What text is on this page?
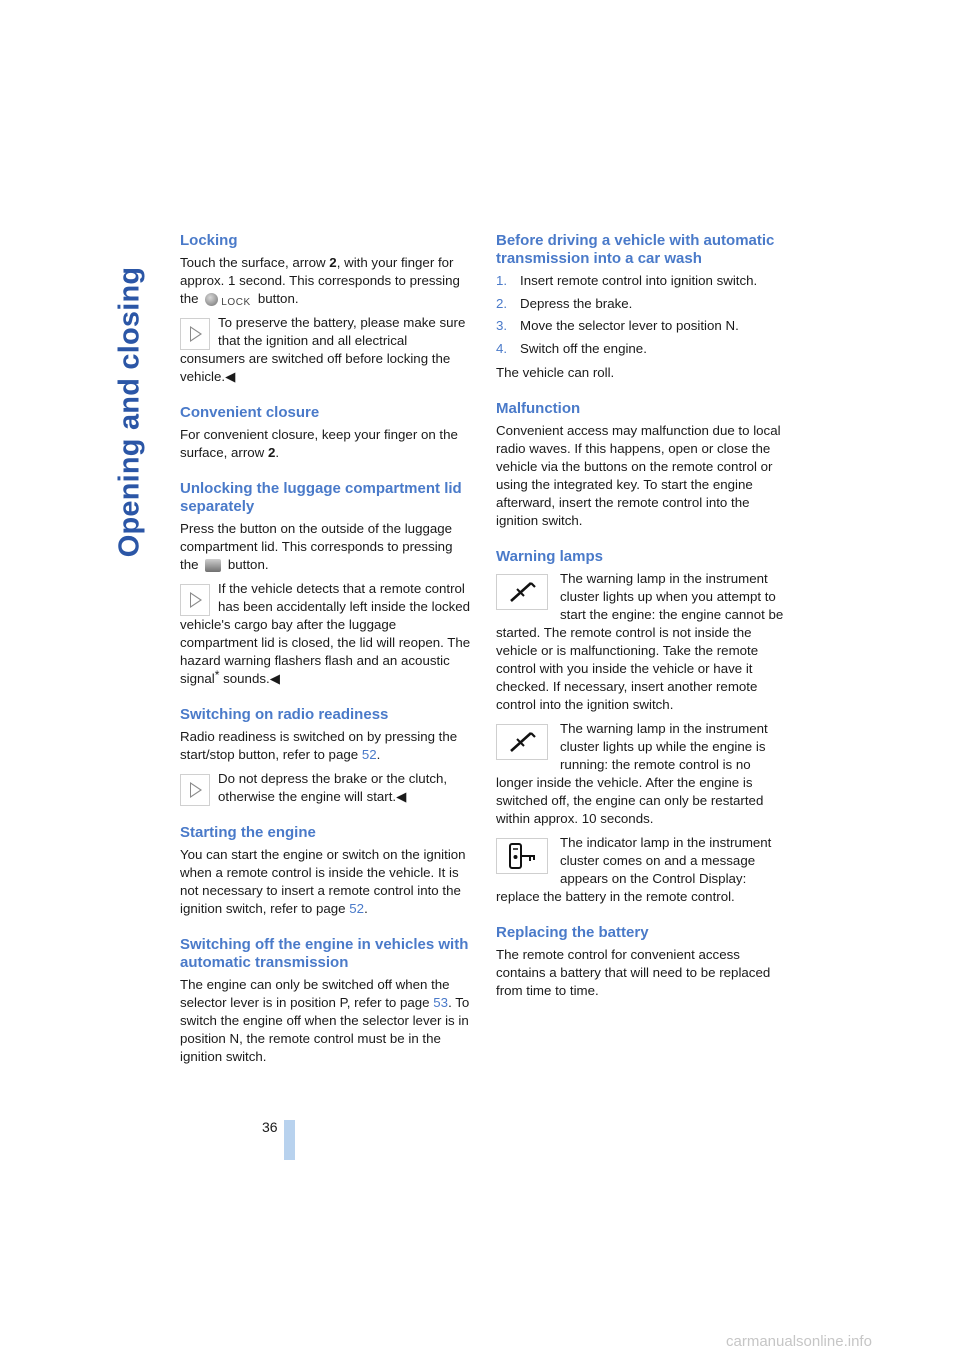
Opening and closing
Locking

Touch the surface, arrow 2, with your finger for approx. 1 second. This corresponds to pressing the LOCK button.

To preserve the battery, please make sure that the ignition and all electrical consumers are switched off before locking the vehicle.◀
Convenient closure

For convenient closure, keep your finger on the surface, arrow 2.

Unlocking the luggage compartment lid separately

Press the button on the outside of the luggage compartment lid. This corresponds to pressing the  button.

If the vehicle detects that a remote control has been accidentally left inside the locked vehicle's cargo bay after the luggage compartment lid is closed, the lid will reopen. The hazard warning flashers flash and an acoustic signal* sounds.◀
Switching on radio readiness

Radio readiness is switched on by pressing the start/stop button, refer to page 52.

Do not depress the brake or the clutch, otherwise the engine will start.◀
Starting the engine

You can start the engine or switch on the ignition when a remote control is inside the vehicle. It is not necessary to insert a remote control into the ignition switch, refer to page 52.

Switching off the engine in vehicles with automatic transmission

The engine can only be switched off when the selector lever is in position P, refer to page 53. To switch the engine off when the selector lever is in position N, the remote control must be in the ignition switch.

Before driving a vehicle with automatic transmission into a car wash
1. Insert remote control into ignition switch.
2. Depress the brake.
3. Move the selector lever to position N.
4. Switch off the engine.

The vehicle can roll.

Malfunction

Convenient access may malfunction due to local radio waves. If this happens, open or close the vehicle via the buttons on the remote control or using the integrated key. To start the engine afterward, insert the remote control into the ignition switch.

Warning lamps
The warning lamp in the instrument cluster lights up when you attempt to start the engine: the engine cannot be started. The remote control is not inside the vehicle or is malfunctioning. Take the remote control with you inside the vehicle or have it checked. If necessary, insert another remote control into the ignition switch.
The warning lamp in the instrument cluster lights up while the engine is running: the remote control is no longer inside the vehicle. After the engine is switched off, the engine can only be restarted within approx. 10 seconds.
The indicator lamp in the instrument cluster comes on and a message appears on the Control Display: replace the battery in the remote control.
Replacing the battery

The remote control for convenient access contains a battery that will need to be replaced from time to time.

36
carmanualsonline.info
